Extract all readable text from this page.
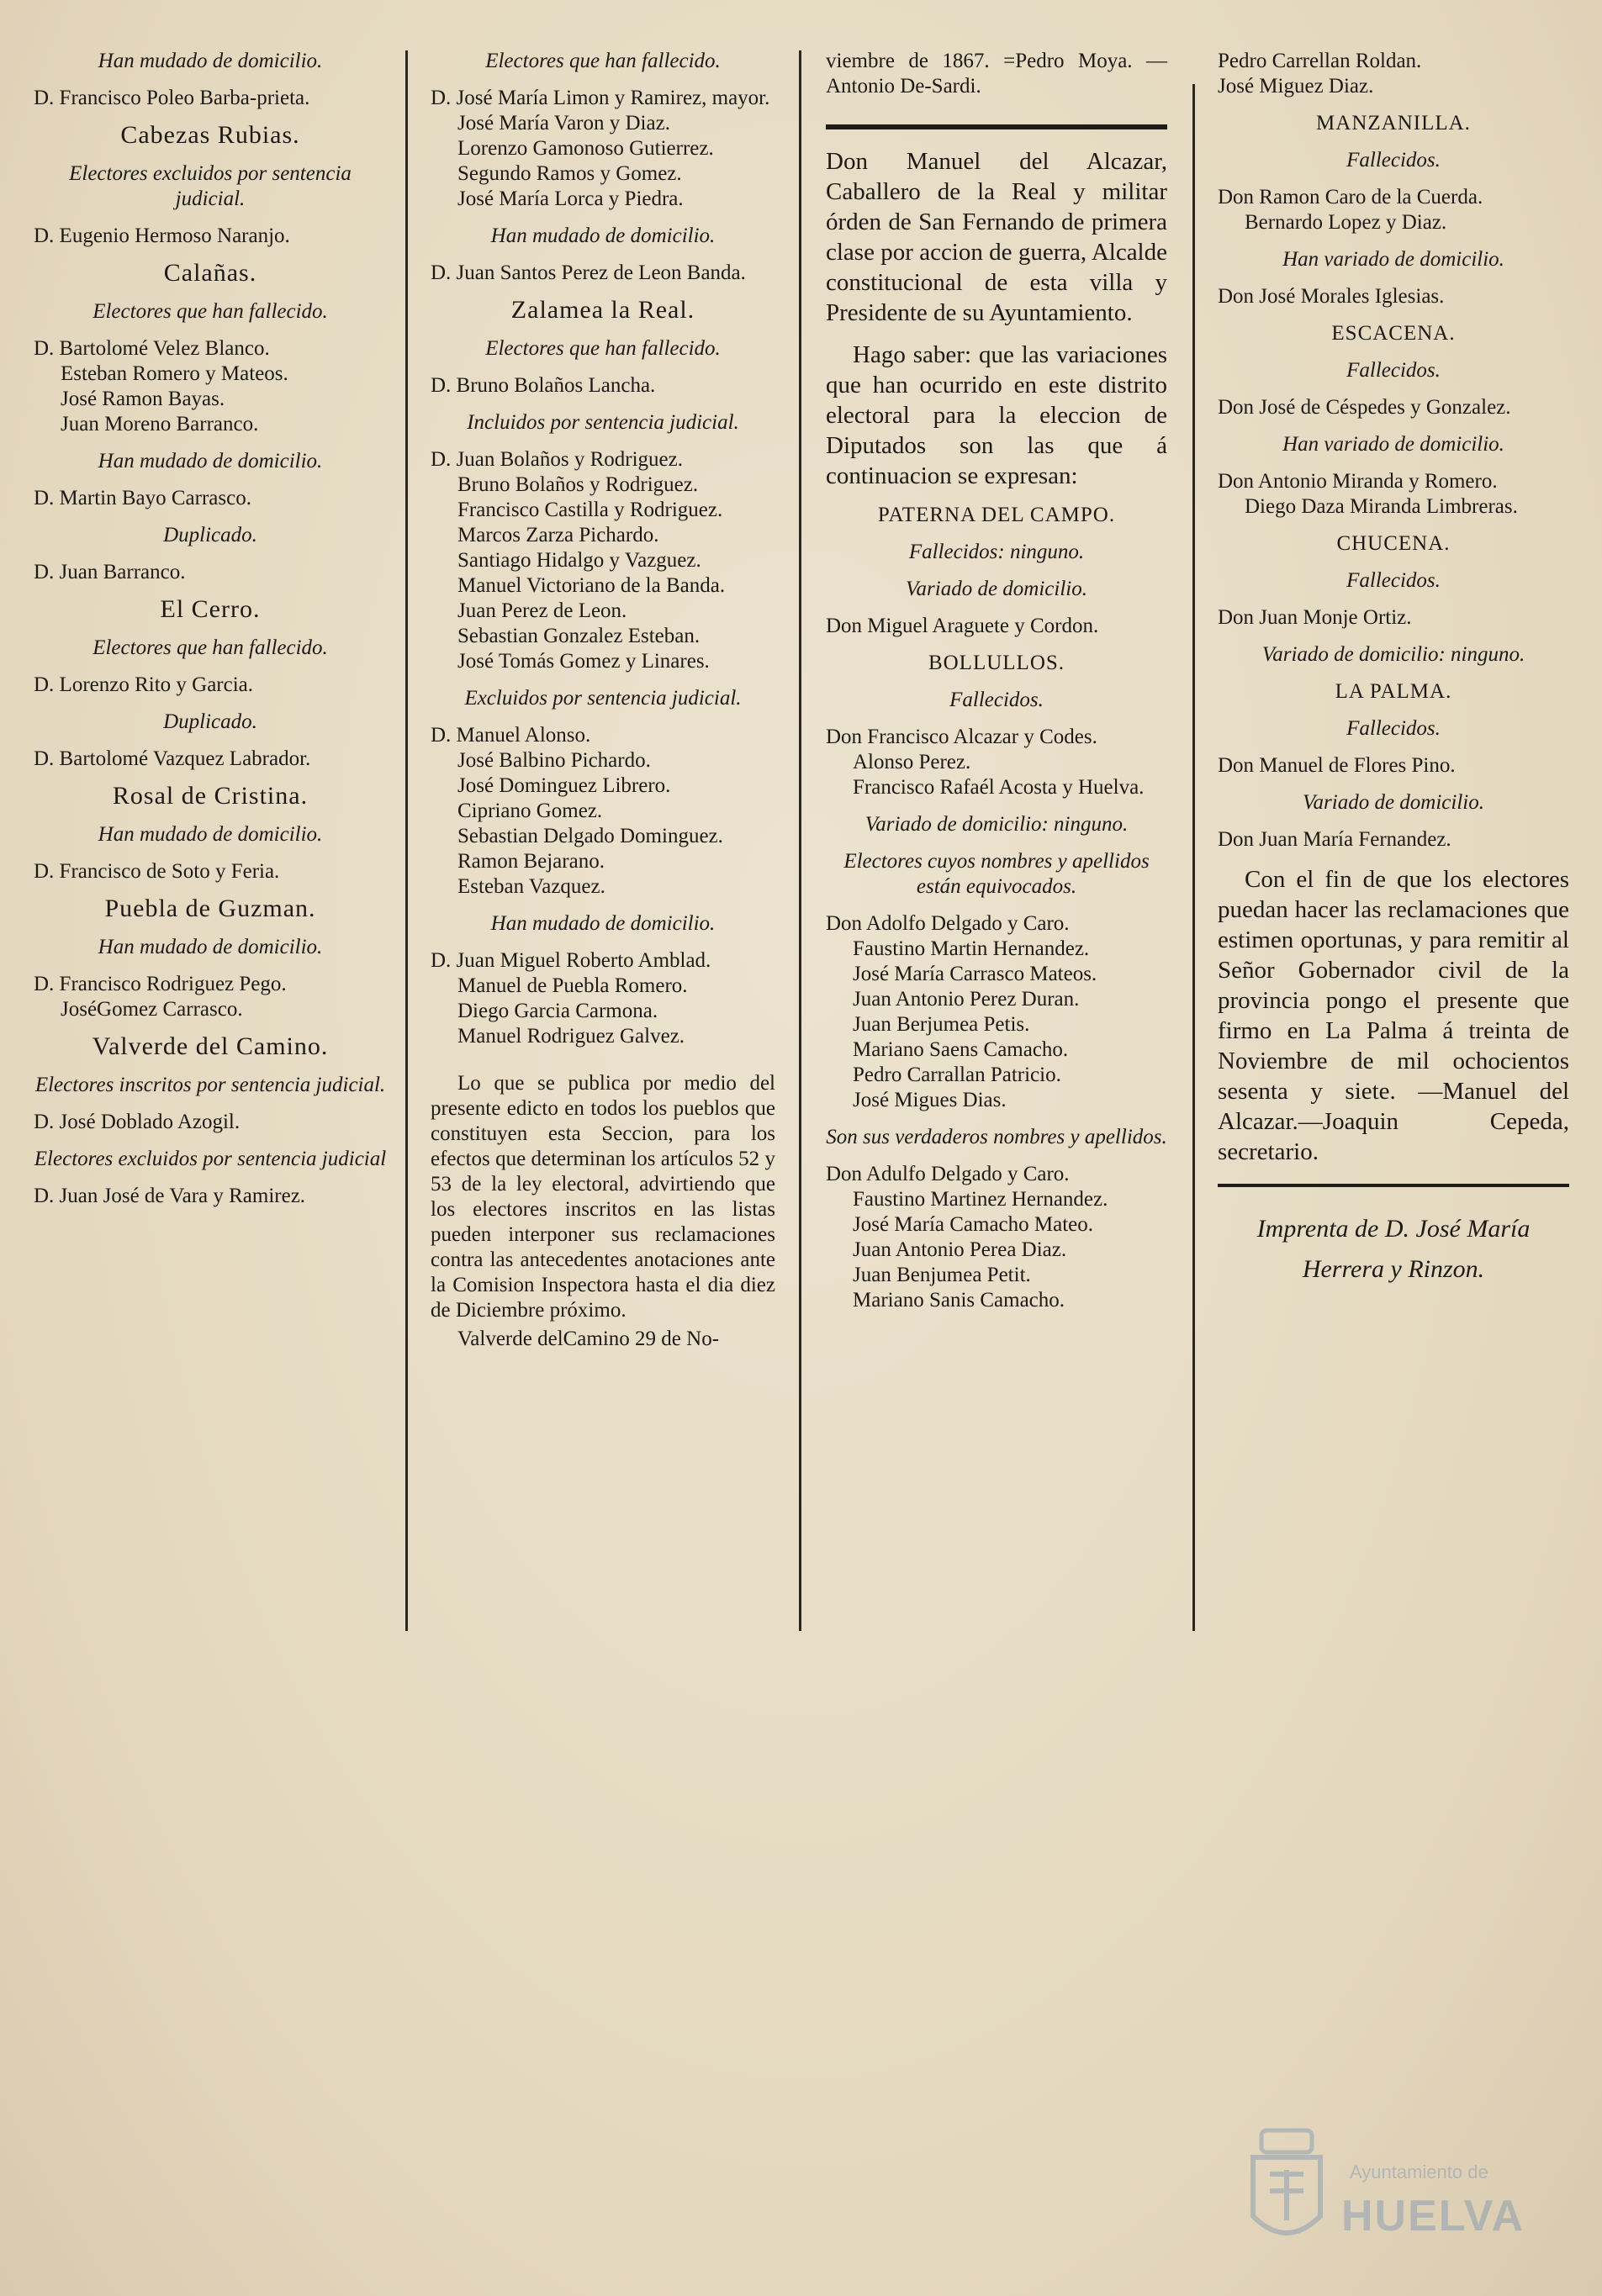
Han mudado de domicilio.
D. Francisco Poleo Barba-prieta.
Cabezas Rubias.
Electores excluidos por sentencia judicial.
D. Eugenio Hermoso Naranjo.
Calañas.
Electores que han fallecido.
D. Bartolomé Velez Blanco.
Esteban Romero y Mateos.
José Ramon Bayas.
Juan Moreno Barranco.
Han mudado de domicilio.
D. Martin Bayo Carrasco.
Duplicado.
D. Juan Barranco.
El Cerro.
Electores que han fallecido.
D. Lorenzo Rito y Garcia.
Duplicado.
D. Bartolomé Vazquez Labrador.
Rosal de Cristina.
Han mudado de domicilio.
D. Francisco de Soto y Feria.
Puebla de Guzman.
Han mudado de domicilio.
D. Francisco Rodriguez Pego.
JoséGomez Carrasco.
Valverde del Camino.
Electores inscritos por sentencia judicial.
D. José Doblado Azogil.
Electores excluidos por sentencia judicial
D. Juan José de Vara y Ramirez.
Electores que han fallecido.
D. José María Limon y Ramirez, mayor.
José María Varon y Diaz.
Lorenzo Gamonoso Gutierrez.
Segundo Ramos y Gomez.
José María Lorca y Piedra.
Han mudado de domicilio.
D. Juan Santos Perez de Leon Banda.
Zalamea la Real.
Electores que han fallecido.
D. Bruno Bolaños Lancha.
Incluidos por sentencia judicial.
D. Juan Bolaños y Rodriguez.
Bruno Bolaños y Rodriguez.
Francisco Castilla y Rodriguez.
Marcos Zarza Pichardo.
Santiago Hidalgo y Vazguez.
Manuel Victoriano de la Banda.
Juan Perez de Leon.
Sebastian Gonzalez Esteban.
José Tomás Gomez y Linares.
Excluidos por sentencia judicial.
D. Manuel Alonso.
José Balbino Pichardo.
José Dominguez Librero.
Cipriano Gomez.
Sebastian Delgado Dominguez.
Ramon Bejarano.
Esteban Vazquez.
Han mudado de domicilio.
D. Juan Miguel Roberto Amblad.
Manuel de Puebla Romero.
Diego Garcia Carmona.
Manuel Rodriguez Galvez.

Lo que se publica por medio del presente edicto en todos los pueblos que constituyen esta Seccion, para los efectos que determinan los artículos 52 y 53 de la ley electoral, advirtiendo que los electores inscritos en las listas pueden interponer sus reclamaciones contra las antecedentes anotaciones ante la Comision Inspectora hasta el dia diez de Diciembre próximo.

Valverde delCamino 29 de No-

viembre de 1867. =Pedro Moya. —Antonio De-Sardi.

Don Manuel del Alcazar, Caballero de la Real y militar órden de San Fernando de primera clase por accion de guerra, Alcalde constitucional de esta villa y Presidente de su Ayuntamiento.

Hago saber: que las variaciones que han ocurrido en este distrito electoral para la eleccion de Diputados son las que á continuacion se expresan:

PATERNA DEL CAMPO.
Fallecidos: ninguno.
Variado de domicilio.
Don Miguel Araguete y Cordon.
BOLLULLOS.
Fallecidos.
Don Francisco Alcazar y Codes.
Alonso Perez.
Francisco Rafaél Acosta y Huelva.
Variado de domicilio: ninguno.
Electores cuyos nombres y apellidos están equivocados.
Don Adolfo Delgado y Caro.
Faustino Martin Hernandez.
José María Carrasco Mateos.
Juan Antonio Perez Duran.
Juan Berjumea Petis.
Mariano Saens Camacho.
Pedro Carrallan Patricio.
José Migues Dias.
Son sus verdaderos nombres y apellidos.
Don Adulfo Delgado y Caro.
Faustino Martinez Hernandez.
José María Camacho Mateo.
Juan Antonio Perea Diaz.
Juan Benjumea Petit.
Mariano Sanis Camacho.
Pedro Carrellan Roldan.
José Miguez Diaz.
MANZANILLA.
Fallecidos.
Don Ramon Caro de la Cuerda.
Bernardo Lopez y Diaz.
Han variado de domicilio.
Don José Morales Iglesias.
ESCACENA.
Fallecidos.
Don José de Céspedes y Gonzalez.
Han variado de domicilio.
Don Antonio Miranda y Romero.
Diego Daza Miranda Limbreras.
CHUCENA.
Fallecidos.
Don Juan Monje Ortiz.
Variado de domicilio: ninguno.
LA PALMA.
Fallecidos.
Don Manuel de Flores Pino.
Variado de domicilio.
Don Juan María Fernandez.

Con el fin de que los electores puedan hacer las reclamaciones que estimen oportunas, y para remitir al Señor Gobernador civil de la provincia pongo el presente que firmo en La Palma á treinta de Noviembre de mil ochocientos sesenta y siete. —Manuel del Alcazar.—Joaquin Cepeda, secretario.

Imprenta de D. José María
Herrera y Rinzon.
Ayuntamiento de
HUELVA
